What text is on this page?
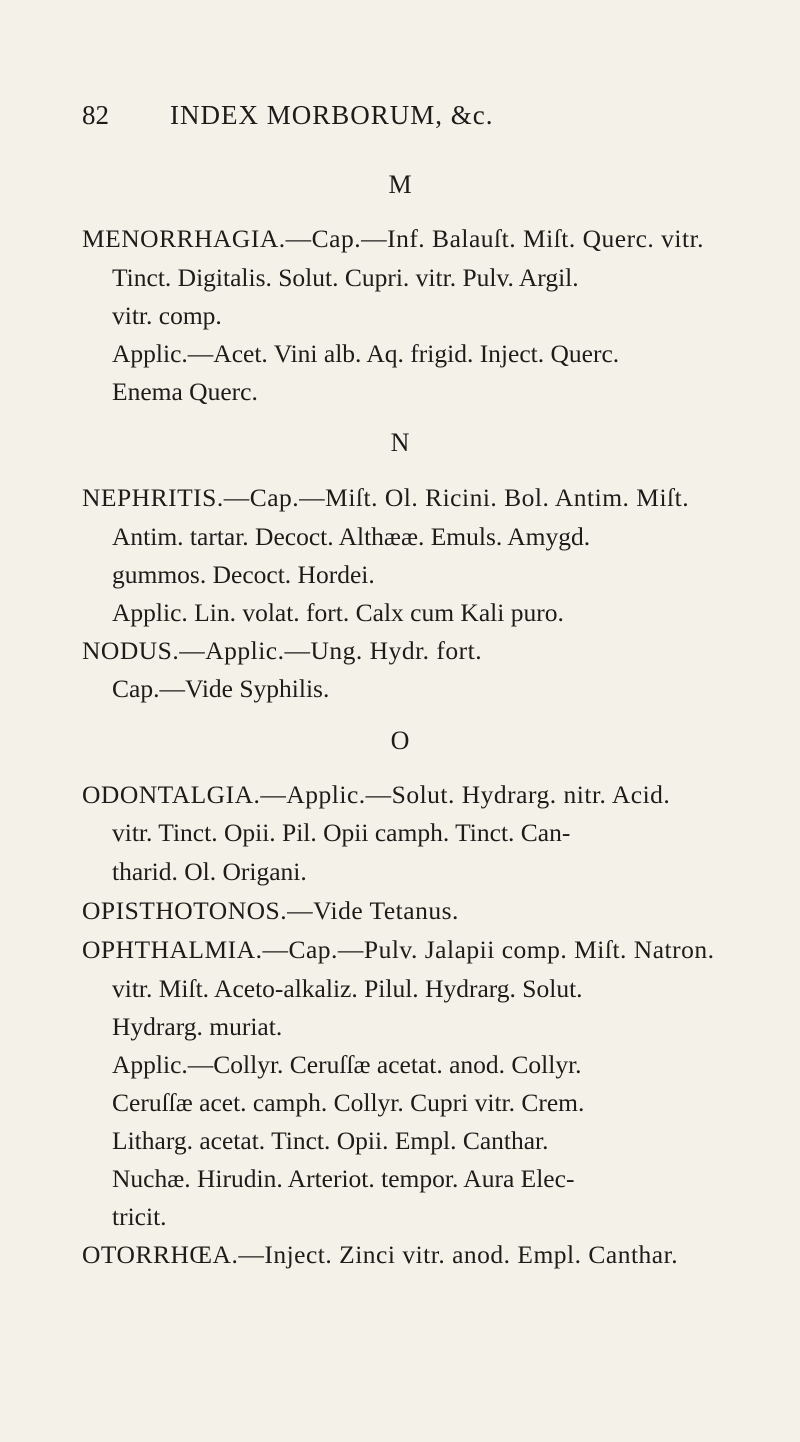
82 INDEX MORBORUM, &c.
M
MENORRHAGIA.—Cap.—Inf. Balauſt. Miſt. Querc. vitr.
Tinct. Digitalis. Solut. Cupri. vitr. Pulv. Argil.
vitr. comp.
Applic.—Acet. Vini alb. Aq. frigid. Inject. Querc.
Enema Querc.
N
NEPHRITIS.—Cap.—Miſt. Ol. Ricini. Bol. Antim. Miſt.
Antim. tartar. Decoct. Althææ. Emuls. Amygd.
gummos. Decoct. Hordei.
Applic. Lin. volat. fort. Calx cum Kali puro.
NODUS.—Applic.—Ung. Hydr. fort.
Cap.—Vide Syphilis.
O
ODONTALGIA.—Applic.—Solut. Hydrarg. nitr. Acid.
vitr. Tinct. Opii. Pil. Opii camph. Tinct. Can-
tharid. Ol. Origani.
OPISTHOTONOS.—Vide Tetanus.
OPHTHALMIA.—Cap.—Pulv. Jalapii comp. Miſt. Natron.
vitr. Miſt. Aceto-alkaliz. Pilul. Hydrarg. Solut.
Hydrarg. muriat.
Applic.—Collyr. Ceruſſæ acetat. anod. Collyr.
Ceruſſæ acet. camph. Collyr. Cupri vitr. Crem.
Litharg. acetat. Tinct. Opii. Empl. Canthar.
Nuchæ. Hirudin. Arteriot. tempor. Aura Elec-
tricit.
OTORRHŒA.—Inject. Zinci vitr. anod. Empl. Canthar.
